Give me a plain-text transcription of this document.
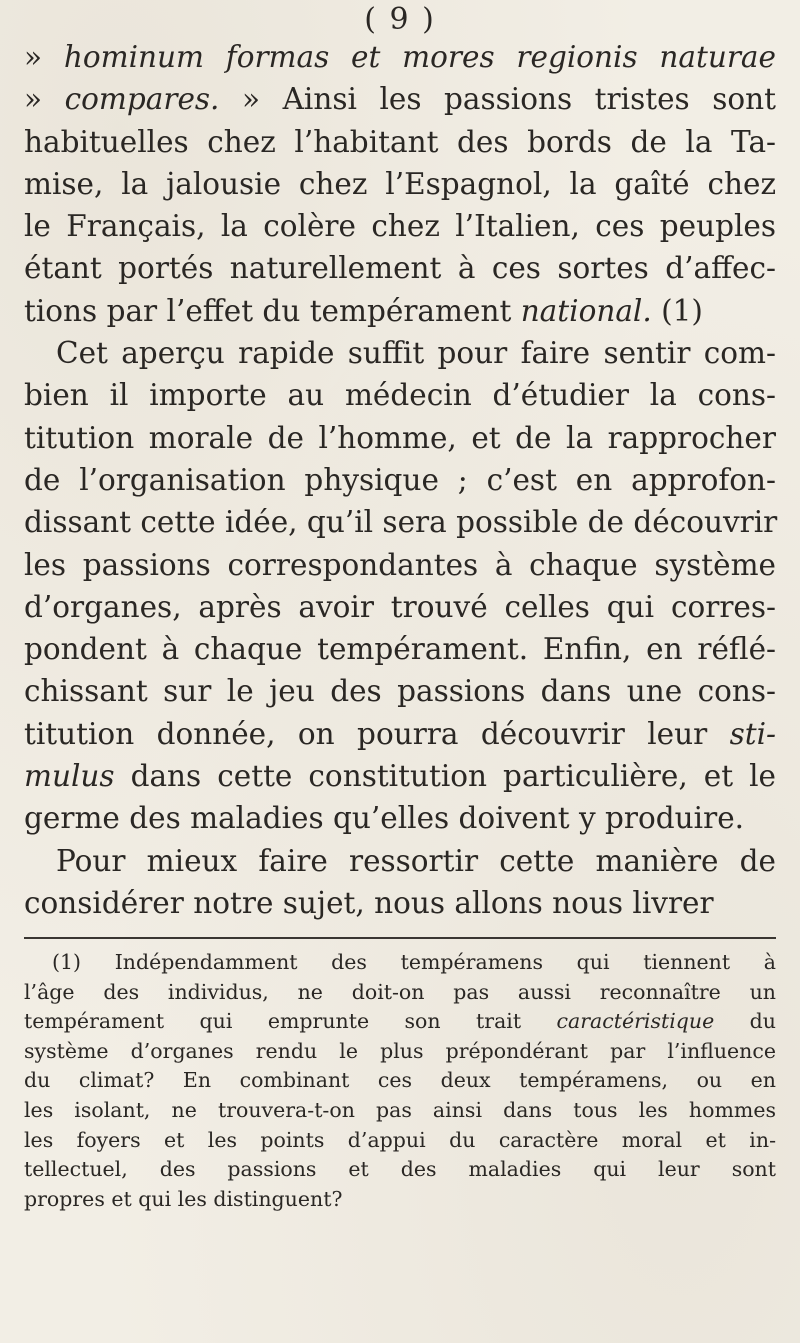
( 9 )
» hominum formas et mores regionis naturae
» compares. » Ainsi les passions tristes sont
habituelles chez l’habitant des bords de la Ta-
mise, la jalousie chez l’Espagnol, la gaîté chez
le Français, la colère chez l’Italien, ces peuples
étant portés naturellement à ces sortes d’affec-
tions par l’effet du tempérament national. (1)
Cet aperçu rapide suffit pour faire sentir com-
bien il importe au médecin d’étudier la cons-
titution morale de l’homme, et de la rapprocher
de l’organisation physique ; c’est en approfon-
dissant cette idée, qu’il sera possible de découvrir
les passions correspondantes à chaque système
d’organes, après avoir trouvé celles qui corres-
pondent à chaque tempérament. Enfin, en réflé-
chissant sur le jeu des passions dans une cons-
titution donnée, on pourra découvrir leur sti-
mulus dans cette constitution particulière, et le
germe des maladies qu’elles doivent y produire.
Pour mieux faire ressortir cette manière de
considérer notre sujet, nous allons nous livrer
(1) Indépendamment des tempéramens qui tiennent à
l’âge des individus, ne doit-on pas aussi reconnaître un
tempérament qui emprunte son trait caractéristique du
système d’organes rendu le plus prépondérant par l’influence
du climat? En combinant ces deux tempéramens, ou en
les isolant, ne trouvera-t-on pas ainsi dans tous les hommes
les foyers et les points d’appui du caractère moral et in-
tellectuel, des passions et des maladies qui leur sont
propres et qui les distinguent?
